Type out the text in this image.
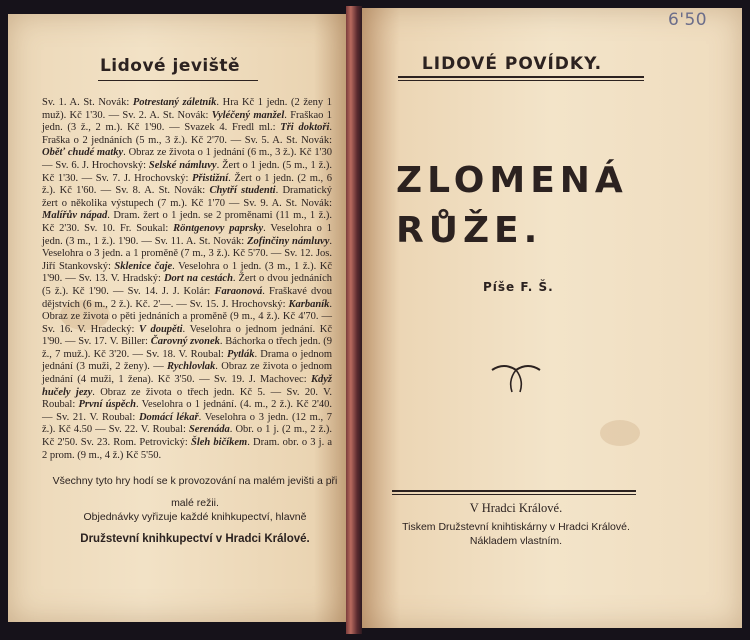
Lidové jeviště
Sv. 1. A. St. Novák: Potrestaný záletník. Hra Kč 1 jedn. (2 ženy 1 muž). Kč 1'30. — Sv. 2. A. St. Novák: Vyléčený manžel. Fraškao 1 jedn. (3 ž., 2 m.). Kč 1'90. — Svazek 4. Fredl ml.: Tři doktoři. Fraška o 2 jednáních (5 m., 3 ž.). Kč 2'70. — Sv. 5. A. St. Novák: Oběť chudé matky. Obraz ze života o 1 jednání (6 m., 3 ž.). Kč 1'30 — Sv. 6. J. Hrochovský: Selské námluvy. Žert o 1 jedn. (5 m., 1 ž.). Kč 1'30. — Sv. 7. J. Hrochovský: Přistižní. Žert o 1 jedn. (2 m., 6 ž.). Kč 1'60. — Sv. 8. A. St. Novák: Chytří studenti. Dramatický žert o několika výstupech (7 m.). Kč 1'70 — Sv. 9. A. St. Novák: Malířův nápad. Dram. žert o 1 jedn. se 2 proměnami (11 m., 1 ž.). Kč 2'30. Sv. 10. Fr. Soukal: Röntgenovy paprsky. Veselohra o 1 jedn. (3 m., 1 ž.). 1'90. — Sv. 11. A. St. Novák: Zofinčiny námluvy. Veselohra o 3 jedn. a 1 proměně (7 m., 3 ž.). Kč 5'70. — Sv. 12. Jos. Jiří Stankovský: Sklenice čaje. Veselohra o 1 jedn. (3 m., 1 ž.). Kč 1'90. — Sv. 13. V. Hradský: Dort na cestách. Žert o dvou jednáních (5 ž.). Kč 1'90. — Sv. 14. J. J. Kolár: Faraonová. Fraškavé dvou dějstvích (6 m., 2 ž.). Kč. 2'—. — Sv. 15. J. Hrochovský: Karbaník. Obraz ze života o pěti jednáních a proměně (9 m., 4 ž.). Kč 4'70. — Sv. 16. V. Hradecký: V doupěti. Veselohra o jednom jednání. Kč 1'90. — Sv. 17. V. Biller: Čarovný zvonek. Báchorka o třech jedn. (9 ž., 7 muž.). Kč 3'20. — Sv. 18. V. Roubal: Pytlák. Drama o jednom jednání (3 muži, 2 ženy). — Rychlovlak. Obraz ze života o jednom jednání (4 muži, 1 žena). Kč 3'50. — Sv. 19. J. Machovec: Když hučely jezy. Obraz ze života o třech jedn. Kč 5. — Sv. 20. V. Roubal: První úspěch. Veselohra o 1 jednání. (4. m., 2 ž.). Kč 2'40. — Sv. 21. V. Roubal: Domácí lékař. Veselohra o 3 jedn. (12 m., 7 ž.). Kč 4.50 — Sv. 22. V. Roubal: Serenáda. Obr. o 1 j. (2 m., 2 ž.). Kč 2'50. Sv. 23. Rom. Petrovický: Šleh bičíkem. Dram. obr. o 3 j. a 2 prom. (9 m., 4 ž.) Kč 5'50.
Všechny tyto hry hodí se k provozování na malém jevišti a při malé režii.
Objednávky vyřizuje každé knihkupectví, hlavně
Družstevní knihkupectví v Hradci Králové.
6'50
LIDOVÉ POVÍDKY.
ZLOMENÁ
RŮŽE.
Píše F. Š.
V Hradci Králové.
Tiskem Družstevní knihtiskárny v Hradci Králové.
Nákladem vlastním.
